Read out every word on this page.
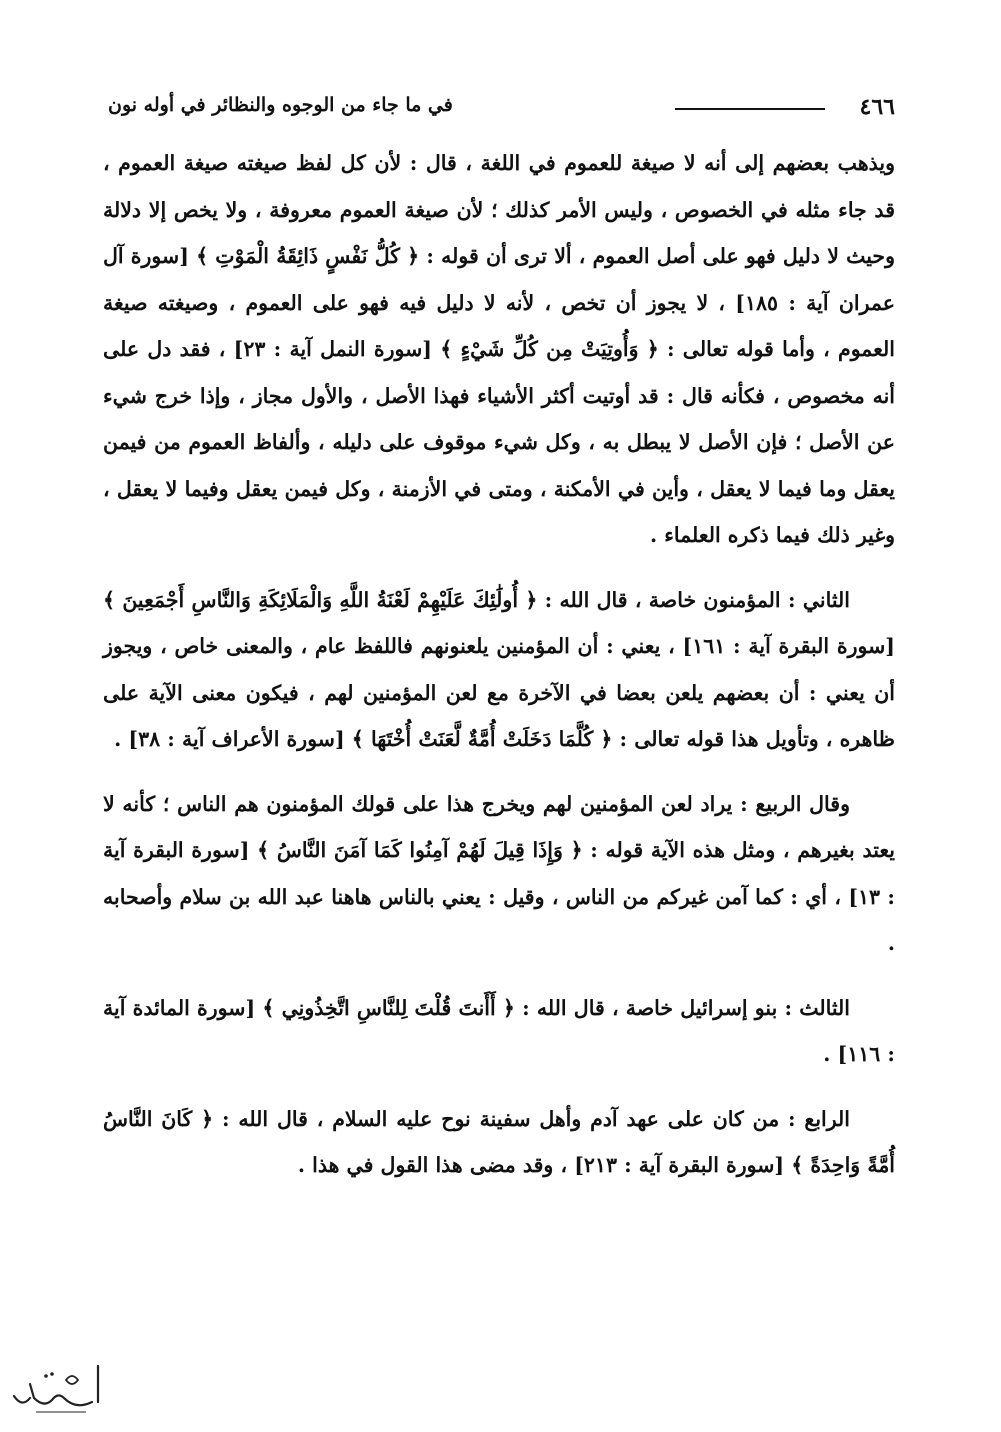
٤٦٦
في ما جاء من الوجوه والنظائر في أوله نون

ويذهب بعضهم إلى أنه لا صيغة للعموم في اللغة ، قال : لأن كل لفظ صيغته صيغة العموم ، قد جاء مثله في الخصوص ، وليس الأمر كذلك ؛ لأن صيغة العموم معروفة ، ولا يخص إلا دلالة وحيث لا دليل فهو على أصل العموم ، ألا ترى أن قوله : ﴿ كُلُّ نَفْسٍ ذَائِقَةُ الْمَوْتِ ﴾ [سورة آل عمران آية : ١٨٥] ، لا يجوز أن تخص ، لأنه لا دليل فيه فهو على العموم ، وصيغته صيغة العموم ، وأما قوله تعالى : ﴿ وَأُوتِيَتْ مِن كُلِّ شَيْءٍ ﴾ [سورة النمل آية : ٢٣] ، فقد دل على أنه مخصوص ، فكأنه قال : قد أوتيت أكثر الأشياء فهذا الأصل ، والأول مجاز ، وإذا خرج شيء عن الأصل ؛ فإن الأصل لا يبطل به ، وكل شيء موقوف على دليله ، وألفاظ العموم من فيمن يعقل وما فيما لا يعقل ، وأين في الأمكنة ، ومتى في الأزمنة ، وكل فيمن يعقل وفيما لا يعقل ، وغير ذلك فيما ذكره العلماء .

الثاني : المؤمنون خاصة ، قال الله : ﴿ أُولَٰئِكَ عَلَيْهِمْ لَعْنَةُ اللَّهِ وَالْمَلَائِكَةِ وَالنَّاسِ أَجْمَعِينَ ﴾ [سورة البقرة آية : ١٦١] ، يعني : أن المؤمنين يلعنونهم فاللفظ عام ، والمعنى خاص ، ويجوز أن يعني : أن بعضهم يلعن بعضا في الآخرة مع لعن المؤمنين لهم ، فيكون معنى الآية على ظاهره ، وتأويل هذا قوله تعالى : ﴿ كُلَّمَا دَخَلَتْ أُمَّةٌ لَّعَنَتْ أُخْتَهَا ﴾ [سورة الأعراف آية : ٣٨] .

وقال الربيع : يراد لعن المؤمنين لهم ويخرج هذا على قولك المؤمنون هم الناس ؛ كأنه لا يعتد بغيرهم ، ومثل هذه الآية قوله : ﴿ وَإِذَا قِيلَ لَهُمْ آمِنُوا كَمَا آمَنَ النَّاسُ ﴾ [سورة البقرة آية : ١٣] ، أي : كما آمن غيركم من الناس ، وقيل : يعني بالناس هاهنا عبد الله بن سلام وأصحابه .

الثالث : بنو إسرائيل خاصة ، قال الله : ﴿ أَأَنتَ قُلْتَ لِلنَّاسِ اتَّخِذُونِي ﴾ [سورة المائدة آية : ١١٦] .

الرابع : من كان على عهد آدم وأهل سفينة نوح عليه السلام ، قال الله : ﴿ كَانَ النَّاسُ أُمَّةً وَاحِدَةً ﴾ [سورة البقرة آية : ٢١٣] ، وقد مضى هذا القول في هذا .
